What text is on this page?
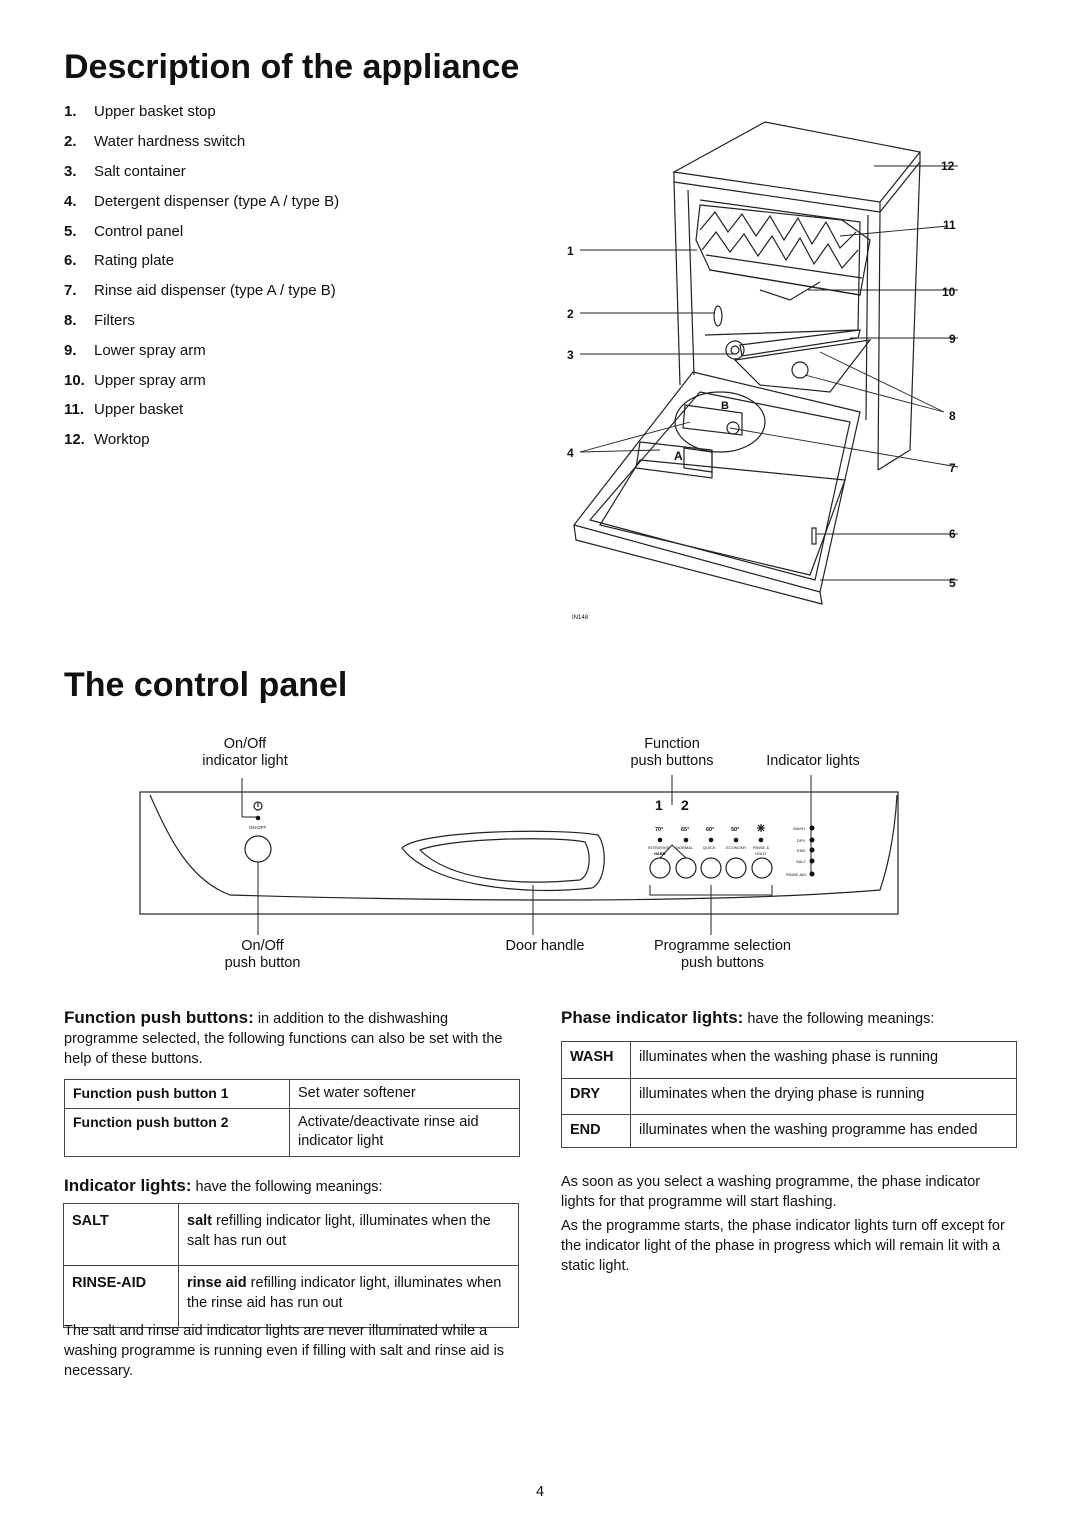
Description of the appliance
1.	Upper basket stop
2.	Water hardness switch
3.	Salt container
4.	Detergent dispenser (type A / type B)
5.	Control panel
6.	Rating plate
7.	Rinse aid dispenser (type A / type B)
8.	Filters
9.	Lower spray arm
10. Upper spray arm
11. Upper basket
12. Worktop
1
2
3
4
5
6
7
8
9
10
11
12
A
B
IN148
The control panel
On/Off
indicator light
Function
push buttons	Indicator lights
1 2
ON-OFF	70°	65°	60°	50°
INTENSIVE NORMAL QUICK	ECONOMY RINSE &
HARD	HOLD
WASH
DRY
END
SALT
RINSE-AID
On/Off
push button
Door handle	Programme selection
push buttons
Function push buttons: in addition to the dishwashing programme selected, the following functions can also be set with the help of these buttons.
Function push button 1	Set water softener
Function push button 2	Activate/deactivate rinse aid indicator light
Indicator lights: have the following meanings:
SALT	salt refilling indicator light, illuminates when the salt has run out
RINSE-AID	rinse aid refilling indicator light, illuminates when the rinse aid has run out
The salt and rinse aid indicator lights are never illuminated while a washing programme is running even if filling with salt and rinse aid is necessary.
Phase indicator lights: have the following meanings:
WASH	illuminates when the washing phase is running
DRY	illuminates when the drying phase is running
END	illuminates when the washing programme has ended
As soon as you select a washing programme, the phase indicator lights for that programme will start flashing.
As the programme starts, the phase indicator lights turn off except for the indicator light of the phase in progress which will remain lit with a static light.
4
